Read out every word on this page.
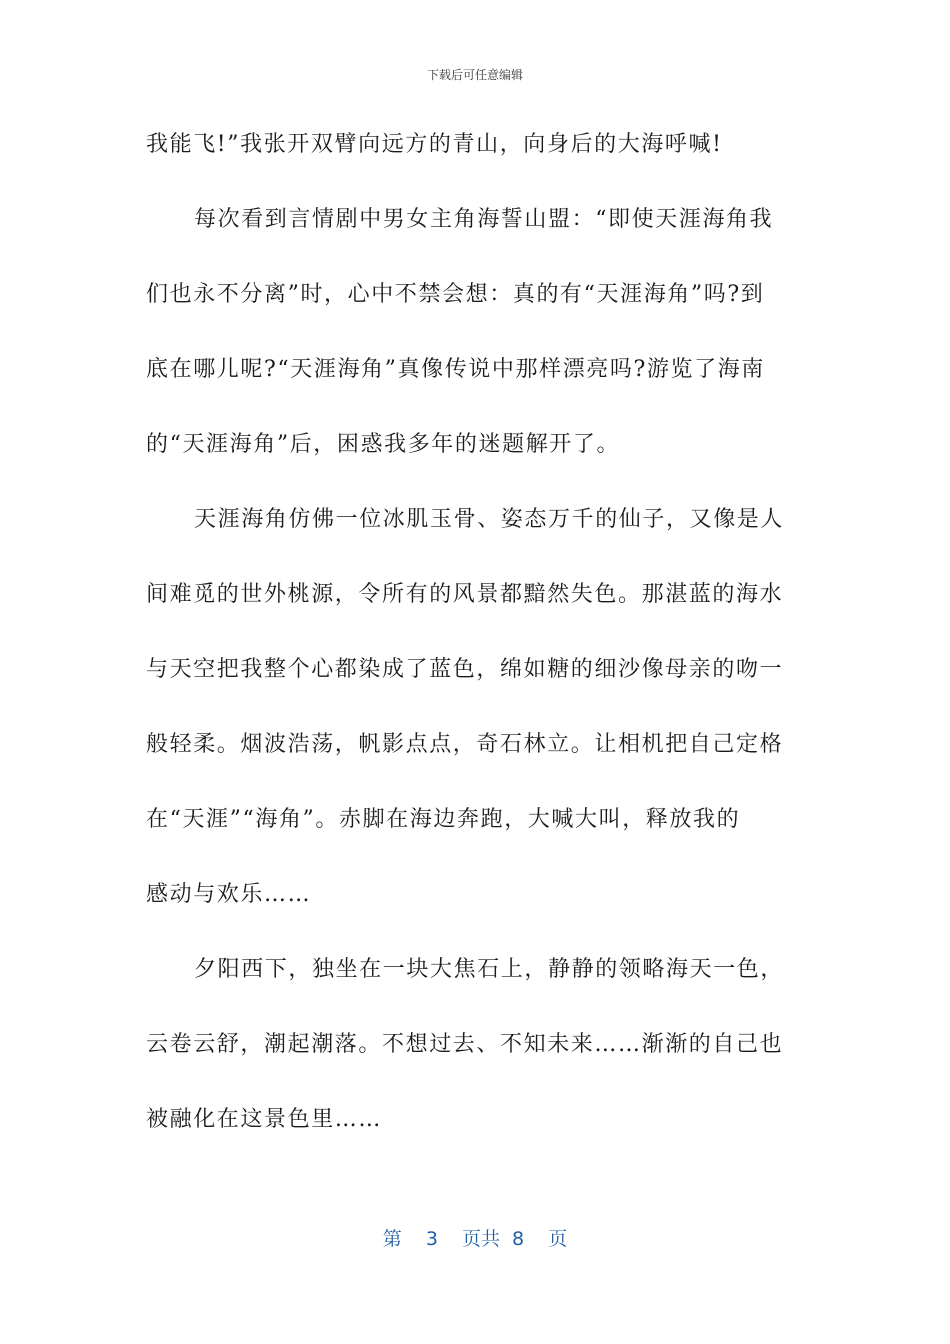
下载后可任意编辑
我能飞!”我张开双臂向远方的青山，向身后的大海呼喊!
每次看到言情剧中男女主角海誓山盟：“即使天涯海角我
们也永不分离”时，心中不禁会想：真的有“天涯海角”吗?到
底在哪儿呢?“天涯海角”真像传说中那样漂亮吗?游览了海南
的“天涯海角”后，困惑我多年的迷题解开了。
天涯海角仿佛一位冰肌玉骨、姿态万千的仙子，又像是人
间难觅的世外桃源，令所有的风景都黯然失色。那湛蓝的海水
与天空把我整个心都染成了蓝色，绵如糖的细沙像母亲的吻一
般轻柔。烟波浩荡，帆影点点，奇石林立。让相机把自己定格
在“天涯”“海角”。赤脚在海边奔跑，大喊大叫，释放我的
感动与欢乐……
夕阳西下，独坐在一块大焦石上，静静的领略海天一色，
云卷云舒，潮起潮落。不想过去、不知未来……渐渐的自己也
被融化在这景色里……
第  3  页共 8  页
